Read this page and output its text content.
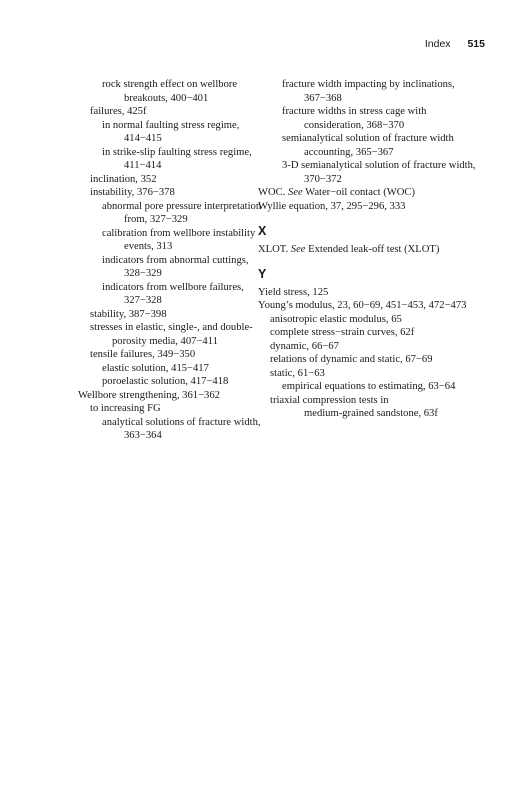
Index 515
rock strength effect on wellbore breakouts, 400−401
failures, 425f
in normal faulting stress regime, 414−415
in strike-slip faulting stress regime, 411−414
inclination, 352
instability, 376−378
abnormal pore pressure interpretation from, 327−329
calibration from wellbore instability events, 313
indicators from abnormal cuttings, 328−329
indicators from wellbore failures, 327−328
stability, 387−398
stresses in elastic, single-, and double-porosity media, 407−411
tensile failures, 349−350
elastic solution, 415−417
poroelastic solution, 417−418
Wellbore strengthening, 361−362
to increasing FG
analytical solutions of fracture width, 363−364
fracture width impacting by inclinations, 367−368
fracture widths in stress cage with consideration, 368−370
semianalytical solution of fracture width accounting, 365−367
3-D semianalytical solution of fracture width, 370−372
WOC. See Water−oil contact (WOC)
Wyllie equation, 37, 295−296, 333
X
XLOT. See Extended leak-off test (XLOT)
Y
Yield stress, 125
Young’s modulus, 23, 60−69, 451−453, 472−473
anisotropic elastic modulus, 65
complete stress−strain curves, 62f
dynamic, 66−67
relations of dynamic and static, 67−69
static, 61−63
empirical equations to estimating, 63−64
triaxial compression tests in
medium-grained sandstone, 63f
